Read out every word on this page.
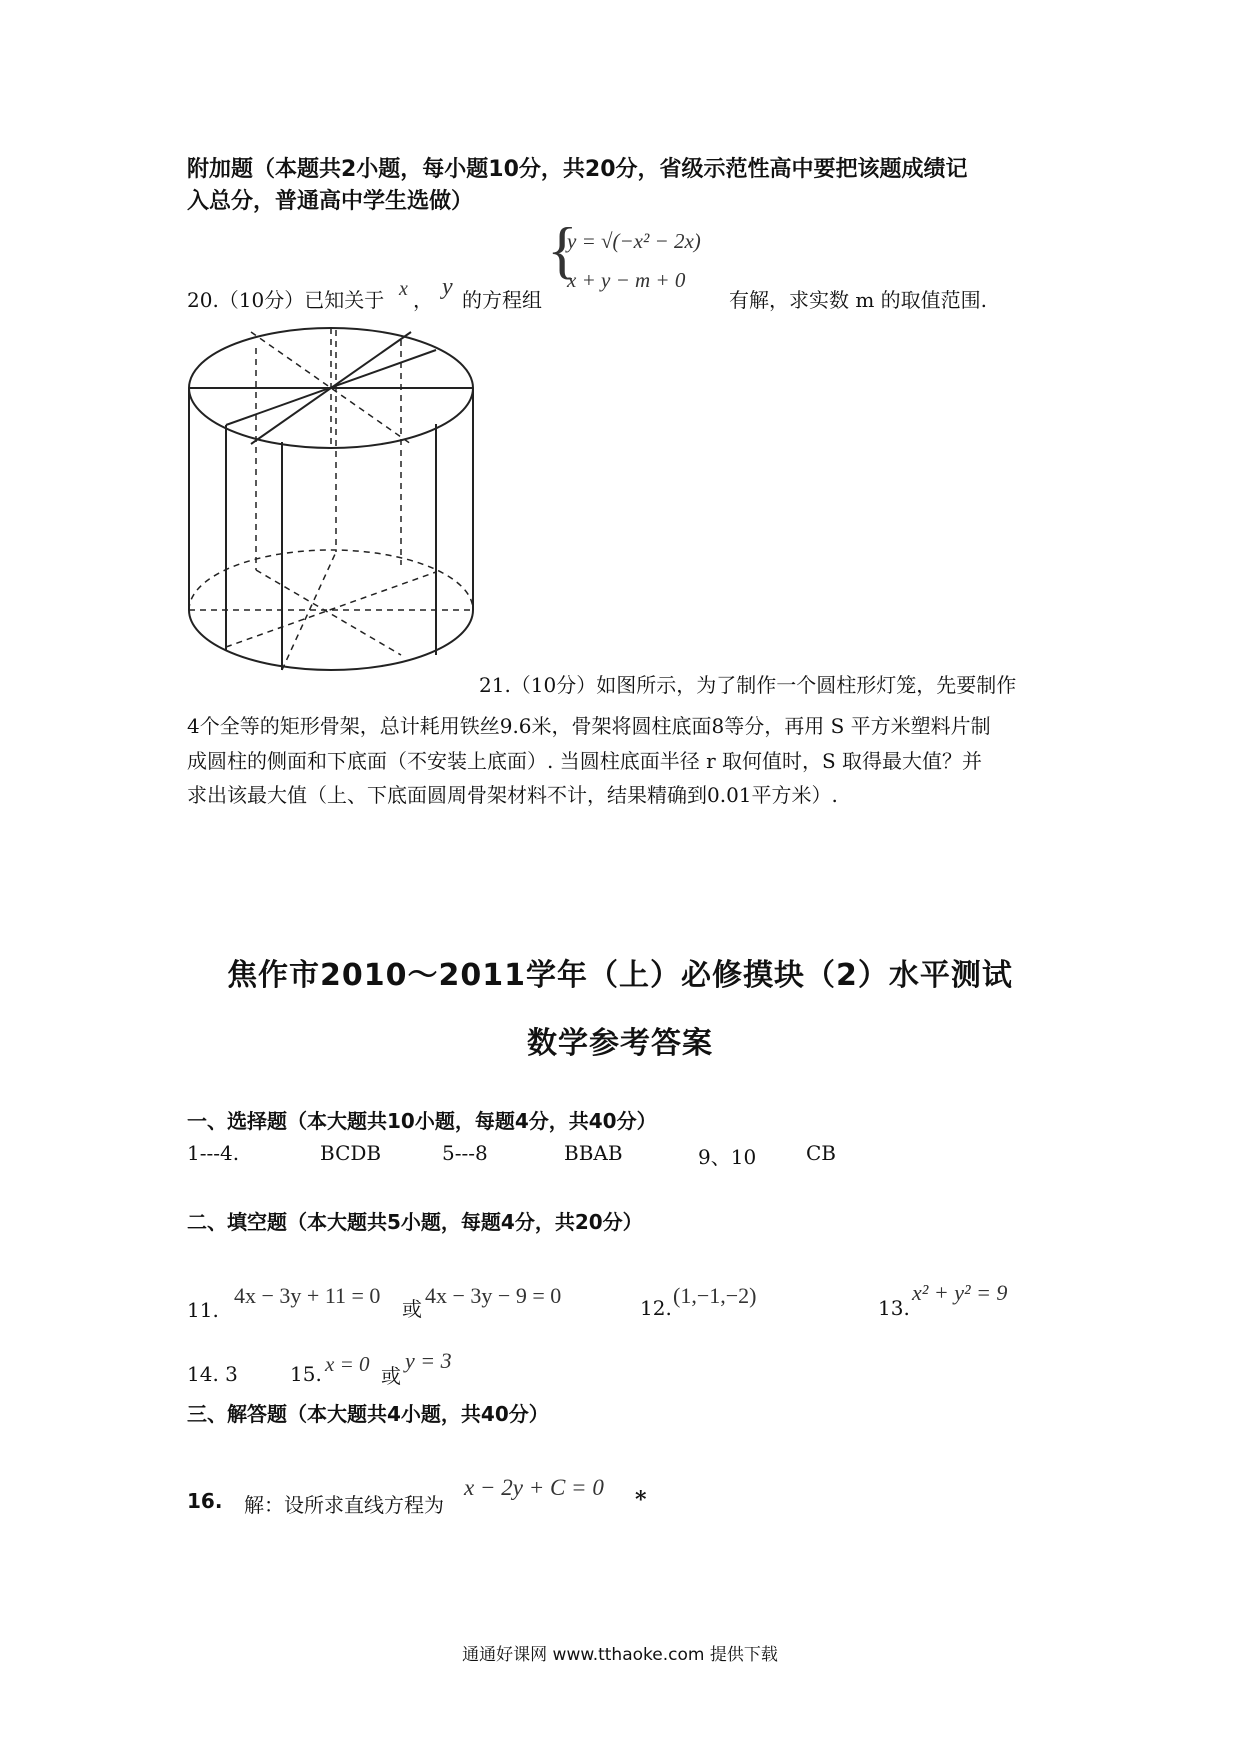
附加题（本题共2小题，每小题10分，共20分，省级示范性高中要把该题成绩记
入总分，普通高中学生选做）
20.（10分）已知关于 x ， y 的方程组
{
y = √(−x² − 2x)
x + y − m + 0
有解，求实数 m 的取值范围.
21.（10分）如图所示，为了制作一个圆柱形灯笼，先要制作
4个全等的矩形骨架，总计耗用铁丝9.6米，骨架将圆柱底面8等分，再用 S 平方米塑料片制
成圆柱的侧面和下底面（不安装上底面）. 当圆柱底面半径 r 取何值时，S 取得最大值？并
求出该最大值（上、下底面圆周骨架材料不计，结果精确到0.01平方米）.
焦作市2010～2011学年（上）必修摸块（2）水平测试
数学参考答案
一、选择题（本大题共10小题，每题4分，共40分）
1---4.	BCDB	5---8	BBAB	9、10 CB
二、填空题（本大题共5小题，每题4分，共20分）
11.
4x − 3y + 11 = 0
或
4x − 3y − 9 = 0	12. (1,−1,−2)	13.
x² + y² = 9
14. 3	15. x = 0 或
y = 3
三、解答题（本大题共4小题，共40分）
16. 解：设所求直线方程为
x − 2y + C = 0 *
通通好课网 www.tthaoke.com 提供下载
